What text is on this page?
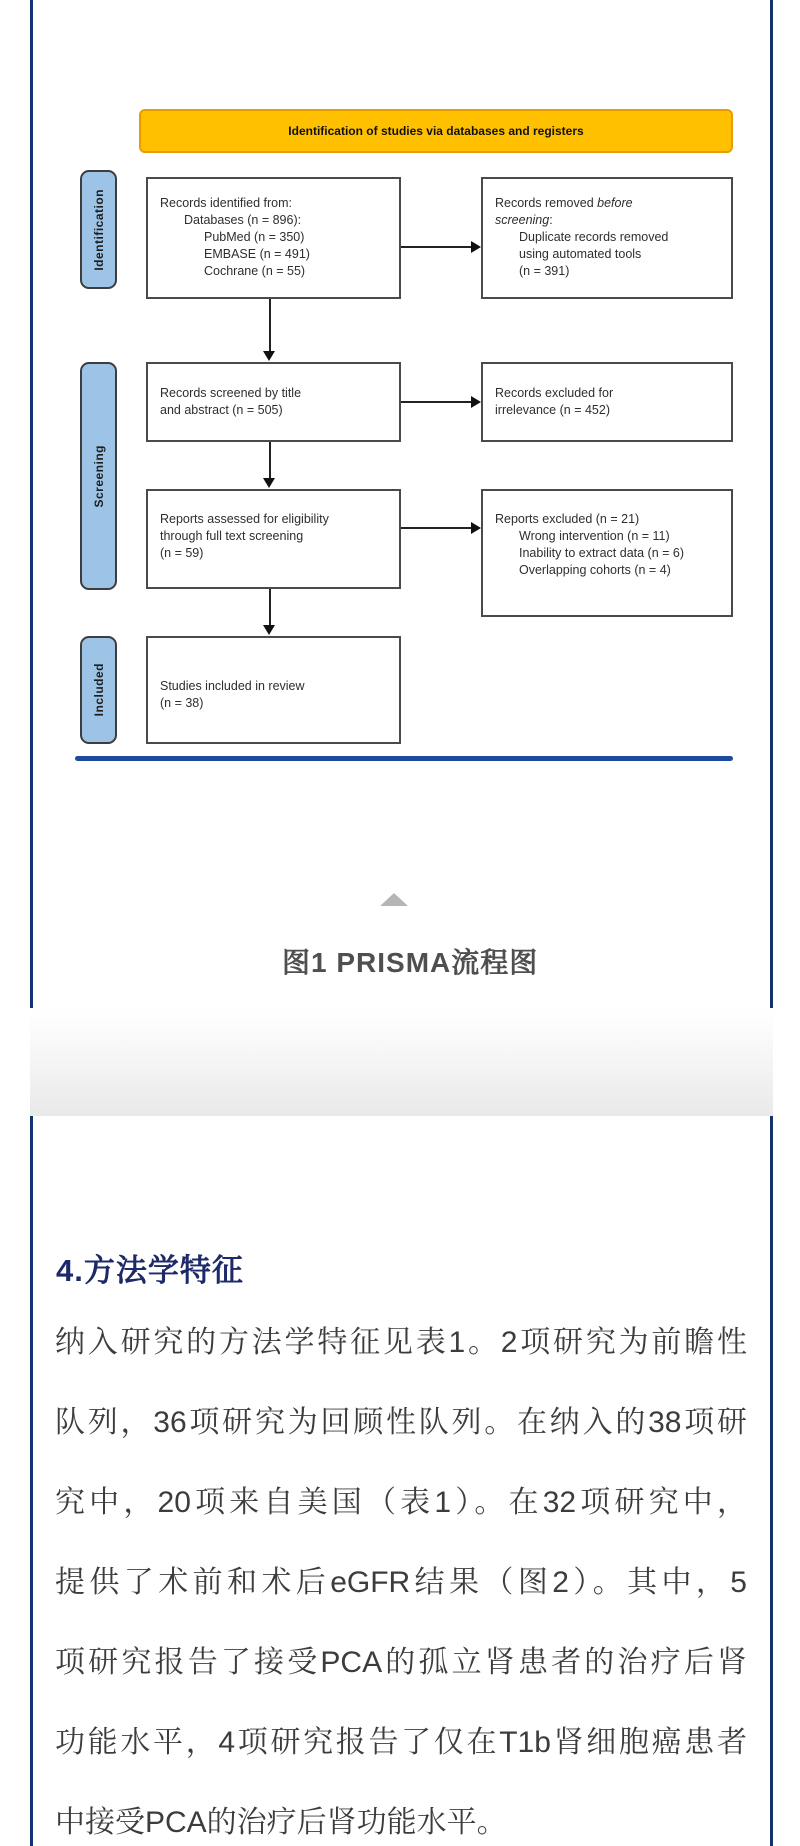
Identification of studies via databases and registers
Identification
Screening
Included
Records identified from:
Databases (n = 896):
PubMed (n = 350)
EMBASE (n = 491)
Cochrane (n = 55)
Records removed before
screening:
Duplicate records removed
using automated tools
(n = 391)
Records screened by title
and abstract (n = 505)
Records excluded for
irrelevance (n = 452)
Reports assessed for eligibility
through full text screening
(n = 59)
Reports excluded (n = 21)
Wrong intervention (n = 11)
Inability to extract data (n = 6)
Overlapping cohorts (n = 4)
Studies included in review
(n = 38)
图1 PRISMA流程图
4.方法学特征
纳入研究的方法学特征见表1。2项研究为前瞻性
队列，36项研究为回顾性队列。在纳入的38项研
究中，20项来自美国（表1）。在32项研究中，
提供了术前和术后eGFR结果（图2）。其中，5
项研究报告了接受PCA的孤立肾患者的治疗后肾
功能水平，4项研究报告了仅在T1b肾细胞癌患者
中接受PCA的治疗后肾功能水平。
